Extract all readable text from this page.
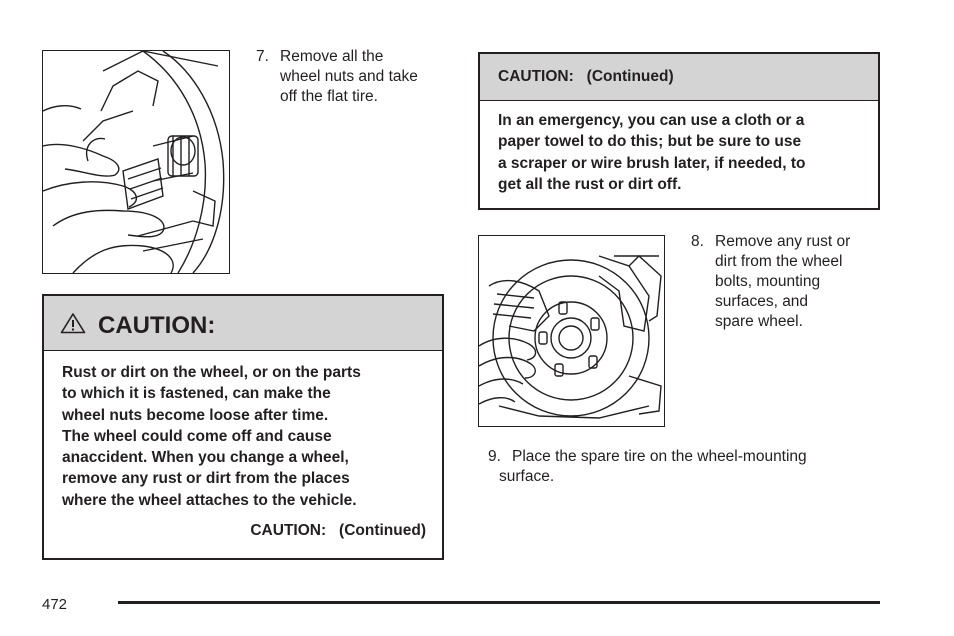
7. Remove all the
wheel nuts and take
off the flat tire.
CAUTION:
Rust or dirt on the wheel, or on the parts
to which it is fastened, can make the
wheel nuts become loose after time.
The wheel could come off and cause
anaccident. When you change a wheel,
remove any rust or dirt from the places
where the wheel attaches to the vehicle.
CAUTION:   (Continued)
CAUTION:   (Continued)
In an emergency, you can use a cloth or a
paper towel to do this; but be sure to use
a scraper or wire brush later, if needed, to
get all the rust or dirt off.
8. Remove any rust or
dirt from the wheel
bolts, mounting
surfaces, and
spare wheel.
9. Place the spare tire on the wheel-mounting
surface.
472
